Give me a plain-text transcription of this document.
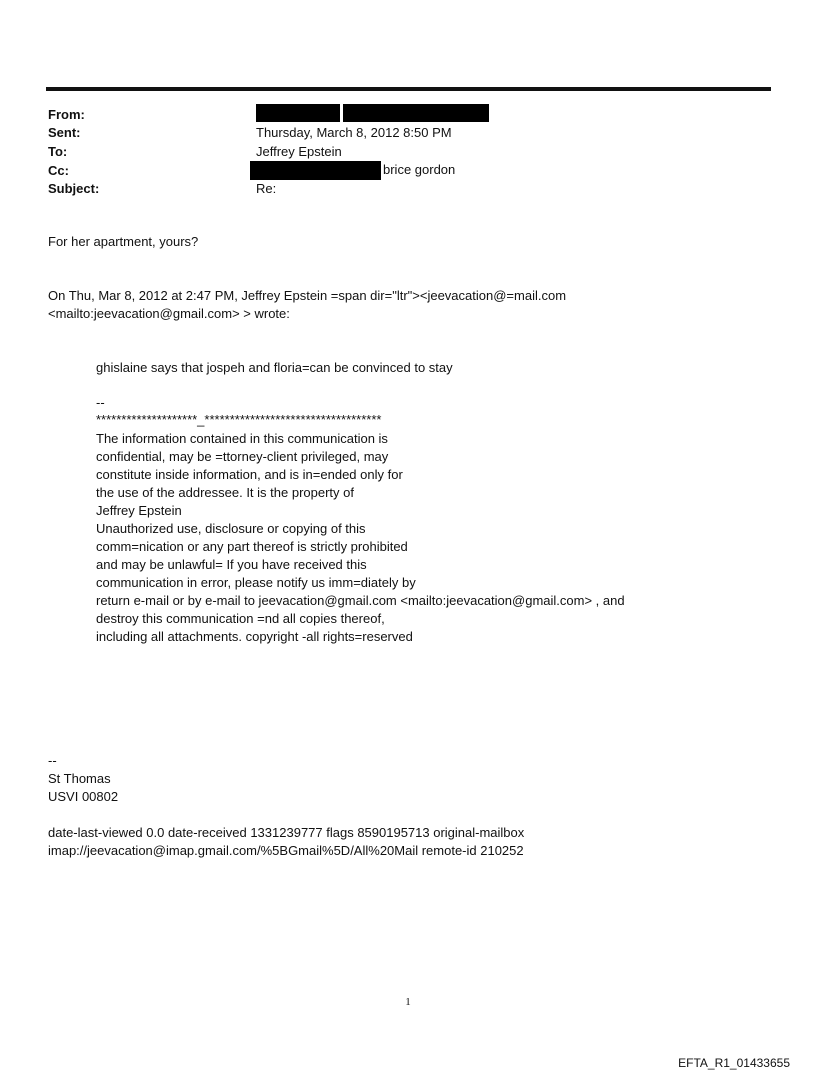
From:
Sent:	Thursday, March 8, 2012 8:50 PM
To:	Jeffrey Epstein
Cc:	brice gordon
Subject:	Re:
For her apartment, yours?
On Thu, Mar 8, 2012 at 2:47 PM, Jeffrey Epstein =span dir="ltr"><jeevacation@=mail.com
<mailto:jeevacation@gmail.com> > wrote:
ghislaine says that jospeh and floria=can be convinced to stay
--
********************_***********************************
The information contained in this communication is
confidential, may be =ttorney-client privileged, may
constitute inside information, and is in=ended only for
the use of the addressee. It is the property of
Jeffrey Epstein
Unauthorized use, disclosure or copying of this
comm=nication or any part thereof is strictly prohibited
and may be unlawful= If you have received this
communication in error, please notify us imm=diately by
return e-mail or by e-mail to jeevacation@gmail.com <mailto:jeevacation@gmail.com> , and
destroy this communication =nd all copies thereof,
including all attachments. copyright -all rights=reserved
--
St Thomas
USVI 00802
date-last-viewed 0.0 date-received 1331239777 flags 8590195713 original-mailbox
imap://jeevacation@imap.gmail.com/%5BGmail%5D/All%20Mail remote-id 210252
1
EFTA_R1_01433655
